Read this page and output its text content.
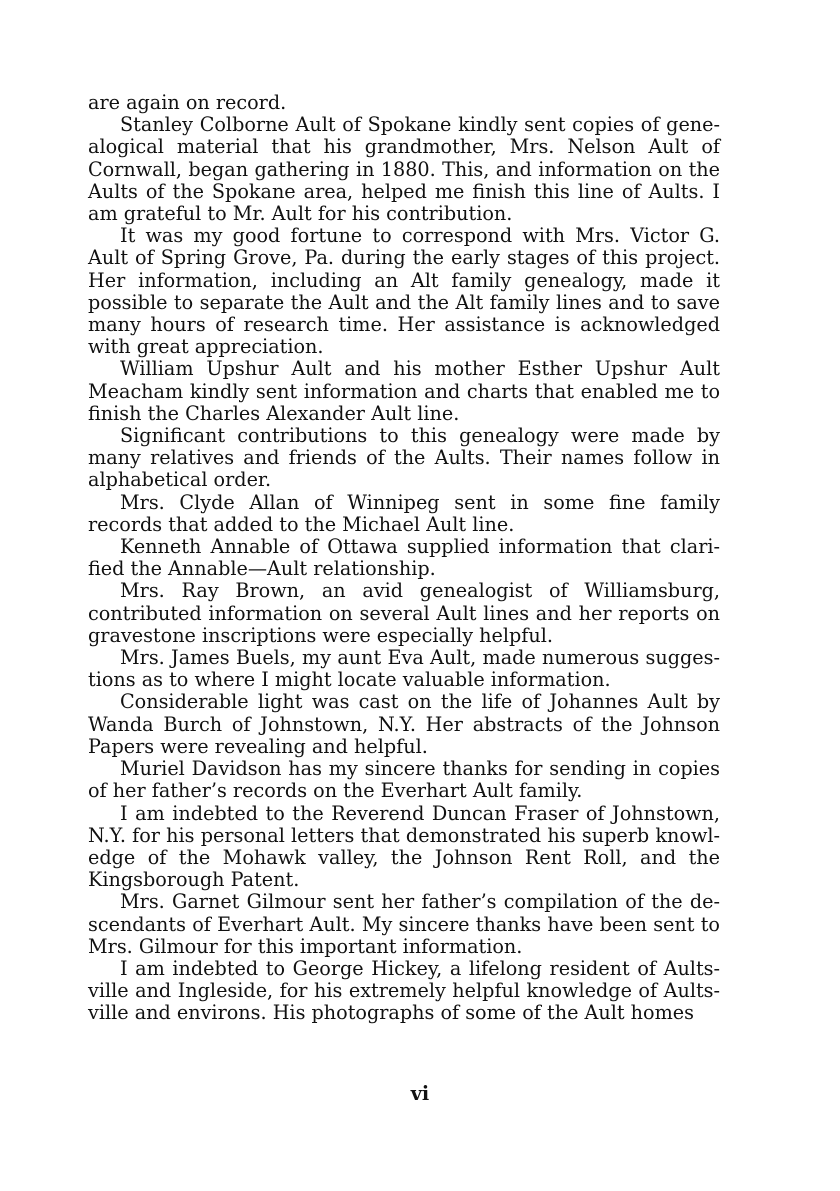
are again on record.

Stanley Colborne Ault of Spokane kindly sent copies of genealogical material that his grandmother, Mrs. Nelson Ault of Cornwall, began gathering in 1880. This, and information on the Aults of the Spokane area, helped me finish this line of Aults. I am grateful to Mr. Ault for his contribution.

It was my good fortune to correspond with Mrs. Victor G. Ault of Spring Grove, Pa. during the early stages of this project. Her information, including an Alt family genealogy, made it possible to separate the Ault and the Alt family lines and to save many hours of research time. Her assistance is acknowledged with great appreciation.

William Upshur Ault and his mother Esther Upshur Ault Meacham kindly sent information and charts that enabled me to finish the Charles Alexander Ault line.

Significant contributions to this genealogy were made by many relatives and friends of the Aults. Their names follow in alphabetical order.

Mrs. Clyde Allan of Winnipeg sent in some fine family records that added to the Michael Ault line.

Kenneth Annable of Ottawa supplied information that clarified the Annable—Ault relationship.

Mrs. Ray Brown, an avid genealogist of Williamsburg, contributed information on several Ault lines and her reports on gravestone inscriptions were especially helpful.

Mrs. James Buels, my aunt Eva Ault, made numerous suggestions as to where I might locate valuable information.

Considerable light was cast on the life of Johannes Ault by Wanda Burch of Johnstown, N.Y. Her abstracts of the Johnson Papers were revealing and helpful.

Muriel Davidson has my sincere thanks for sending in copies of her father’s records on the Everhart Ault family.

I am indebted to the Reverend Duncan Fraser of Johnstown, N.Y. for his personal letters that demonstrated his superb knowledge of the Mohawk valley, the Johnson Rent Roll, and the Kingsborough Patent.

Mrs. Garnet Gilmour sent her father’s compilation of the descendants of Everhart Ault. My sincere thanks have been sent to Mrs. Gilmour for this important information.

I am indebted to George Hickey, a lifelong resident of Aultsville and Ingleside, for his extremely helpful knowledge of Aultsville and environs. His photographs of some of the Ault homes

vi
